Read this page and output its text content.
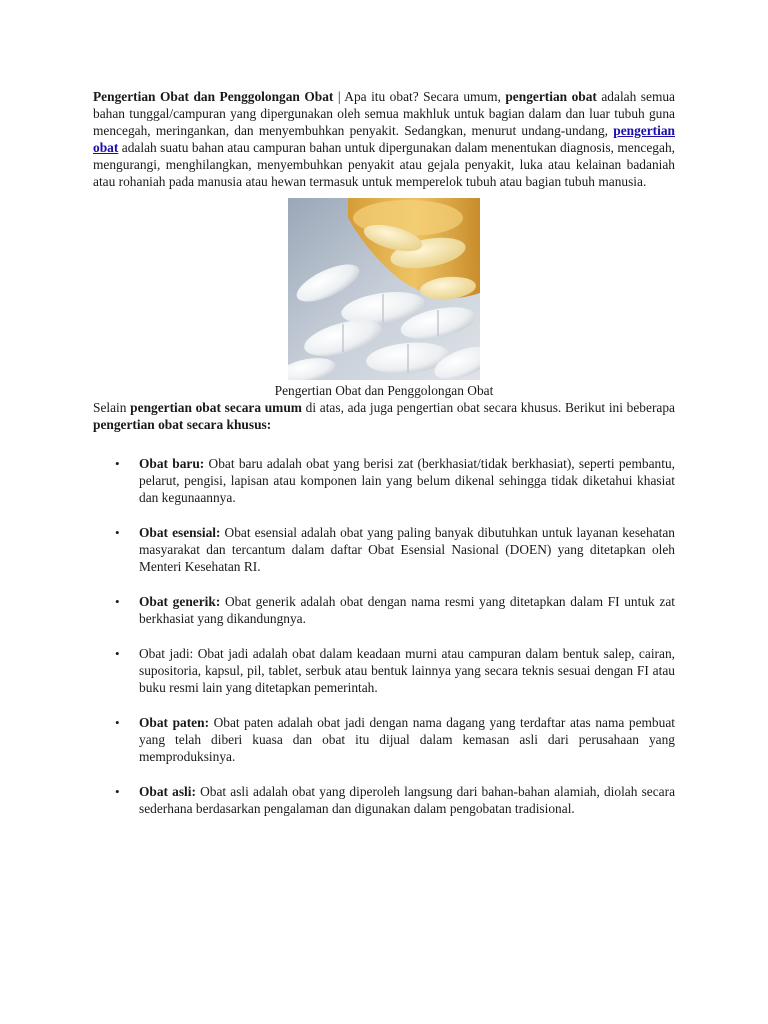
Pengertian Obat dan Penggolongan Obat | Apa itu obat? Secara umum, pengertian obat adalah semua bahan tunggal/campuran yang dipergunakan oleh semua makhluk untuk bagian dalam dan luar tubuh guna mencegah, meringankan, dan menyembuhkan penyakit. Sedangkan, menurut undang-undang, pengertian obat adalah suatu bahan atau campuran bahan untuk dipergunakan dalam menentukan diagnosis, mencegah, mengurangi, menghilangkan, menyembuhkan penyakit atau gejala penyakit, luka atau kelainan badaniah atau rohaniah pada manusia atau hewan termasuk untuk memperelok tubuh atau bagian tubuh manusia.

Pengertian Obat dan Penggolongan Obat

Selain pengertian obat secara umum di atas, ada juga pengertian obat secara khusus. Berikut ini beberapa pengertian obat secara khusus:

• Obat baru: Obat baru adalah obat yang berisi zat (berkhasiat/tidak berkhasiat), seperti pembantu, pelarut, pengisi, lapisan atau komponen lain yang belum dikenal sehingga tidak diketahui khasiat dan kegunaannya.
• Obat esensial: Obat esensial adalah obat yang paling banyak dibutuhkan untuk layanan kesehatan masyarakat dan tercantum dalam daftar Obat Esensial Nasional (DOEN) yang ditetapkan oleh Menteri Kesehatan RI.
• Obat generik: Obat generik adalah obat dengan nama resmi yang ditetapkan dalam FI untuk zat berkhasiat yang dikandungnya.
• Obat jadi: Obat jadi adalah obat dalam keadaan murni atau campuran dalam bentuk salep, cairan, supositoria, kapsul, pil, tablet, serbuk atau bentuk lainnya yang secara teknis sesuai dengan FI atau buku resmi lain yang ditetapkan pemerintah.
• Obat paten: Obat paten adalah obat jadi dengan nama dagang yang terdaftar atas nama pembuat yang telah diberi kuasa dan obat itu dijual dalam kemasan asli dari perusahaan yang memproduksinya.
• Obat asli: Obat asli adalah obat yang diperoleh langsung dari bahan-bahan alamiah, diolah secara sederhana berdasarkan pengalaman dan digunakan dalam pengobatan tradisional.
